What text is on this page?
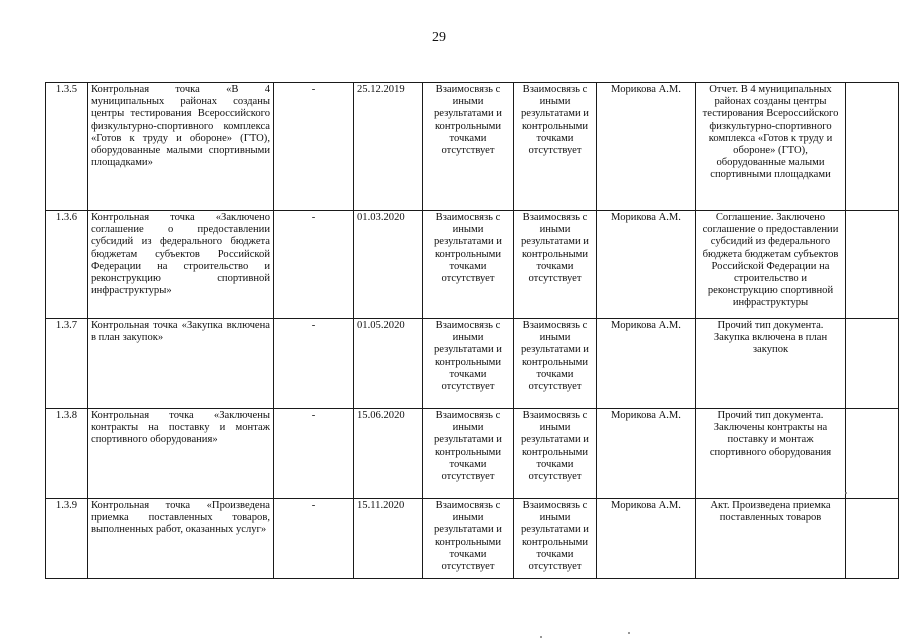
29
1.3.5	Контрольная точка «В 4 муниципальных районах созданы центры тестирования Всероссийского физкультурно-спортивного комплекса «Готов к труду и обороне» (ГТО), оборудованные малыми спортивными площадками»	-	25.12.2019	Взаимосвязь с иными результатами и контрольными точками отсутствует	Взаимосвязь с иными результатами и контрольными точками отсутствует	Морикова А.М.	Отчет. В 4 муниципальных районах созданы центры тестирования Всероссийского физкультурно-спортивного комплекса «Готов к труду и обороне» (ГТО), оборудованные малыми спортивными площадками	
1.3.6	Контрольная точка «Заключено соглашение о предоставлении субсидий из федерального бюджета бюджетам субъектов Российской Федерации на строительство и реконструкцию спортивной инфраструктуры»	-	01.03.2020	Взаимосвязь с иными результатами и контрольными точками отсутствует	Взаимосвязь с иными результатами и контрольными точками отсутствует	Морикова А.М.	Соглашение. Заключено соглашение о предоставлении субсидий из федерального бюджета бюджетам субъектов Российской Федерации на строительство и реконструкцию спортивной инфраструктуры	
1.3.7	Контрольная точка «Закупка включена в план закупок»	-	01.05.2020	Взаимосвязь с иными результатами и контрольными точками отсутствует	Взаимосвязь с иными результатами и контрольными точками отсутствует	Морикова А.М.	Прочий тип документа. Закупка включена в план закупок	
1.3.8	Контрольная точка «Заключены контракты на поставку и монтаж спортивного оборудования»	-	15.06.2020	Взаимосвязь с иными результатами и контрольными точками отсутствует	Взаимосвязь с иными результатами и контрольными точками отсутствует	Морикова А.М.	Прочий тип документа. Заключены контракты на поставку и монтаж спортивного оборудования	
1.3.9	Контрольная точка «Произведена приемка поставленных товаров, выполненных работ, оказанных услуг»	-	15.11.2020	Взаимосвязь с иными результатами и контрольными точками отсутствует	Взаимосвязь с иными результатами и контрольными точками отсутствует	Морикова А.М.	Акт. Произведена приемка поставленных товаров	
